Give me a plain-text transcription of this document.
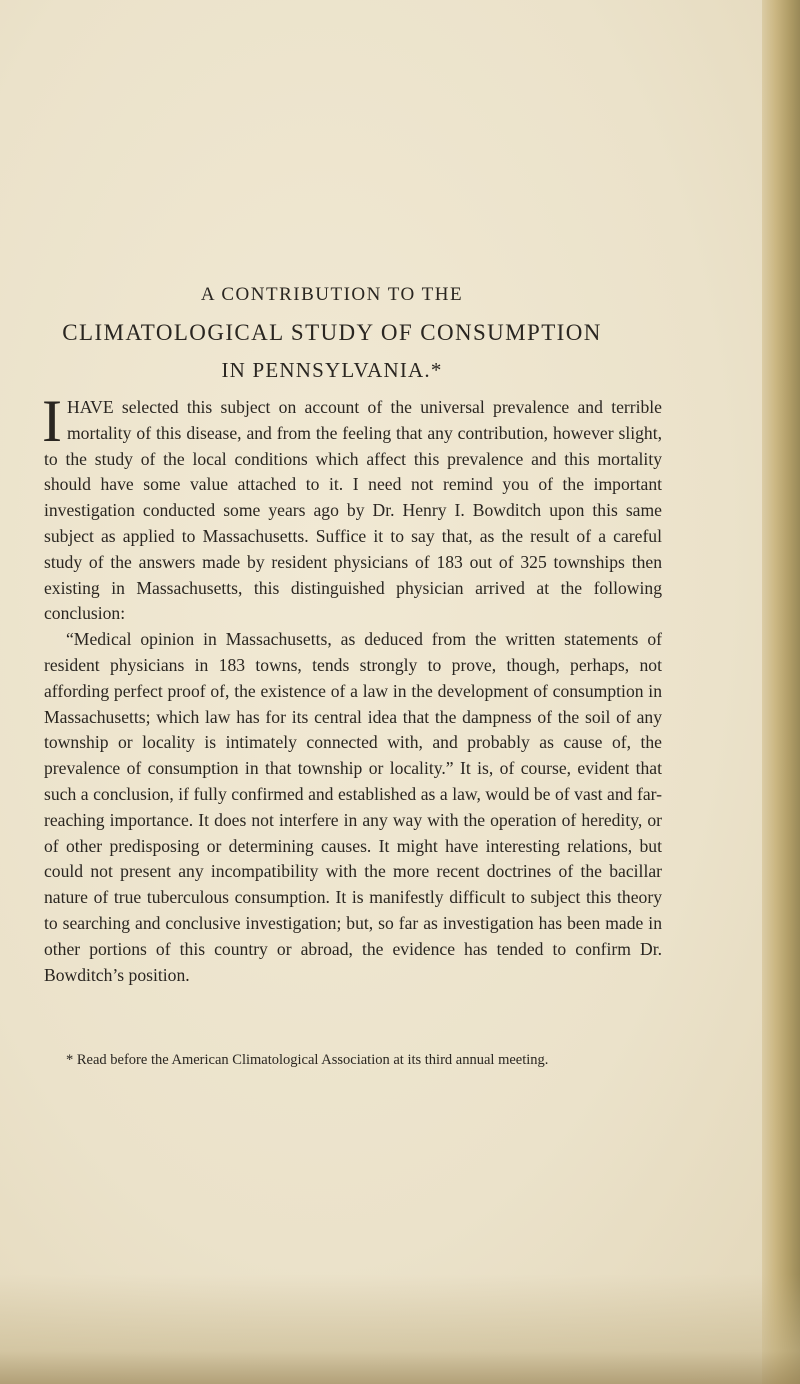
A CONTRIBUTION TO THE
CLIMATOLOGICAL STUDY OF CONSUMPTION
IN PENNSYLVANIA.*

IHAVE selected this subject on account of the universal prevalence and terrible mortality of this disease, and from the feeling that any contribution, however slight, to the study of the local conditions which affect this prevalence and this mortality should have some value attached to it. I need not remind you of the important investigation conducted some years ago by Dr. Henry I. Bowditch upon this same subject as applied to Massachusetts. Suffice it to say that, as the result of a careful study of the answers made by resident physicians of 183 out of 325 townships then existing in Massachusetts, this distinguished physician arrived at the following conclusion:

“Medical opinion in Massachusetts, as deduced from the written statements of resident physicians in 183 towns, tends strongly to prove, though, perhaps, not affording perfect proof of, the existence of a law in the development of consumption in Massachusetts; which law has for its central idea that the dampness of the soil of any township or locality is intimately connected with, and probably as cause of, the prevalence of consumption in that township or locality.” It is, of course, evident that such a conclusion, if fully confirmed and established as a law, would be of vast and far-reaching importance. It does not interfere in any way with the operation of heredity, or of other predisposing or determining causes. It might have interesting relations, but could not present any incompatibility with the more recent doctrines of the bacillar nature of true tuberculous consumption. It is manifestly difficult to subject this theory to searching and conclusive investigation; but, so far as investigation has been made in other portions of this country or abroad, the evidence has tended to confirm Dr. Bowditch’s position.

* Read before the American Climatological Association at its third annual meeting.
